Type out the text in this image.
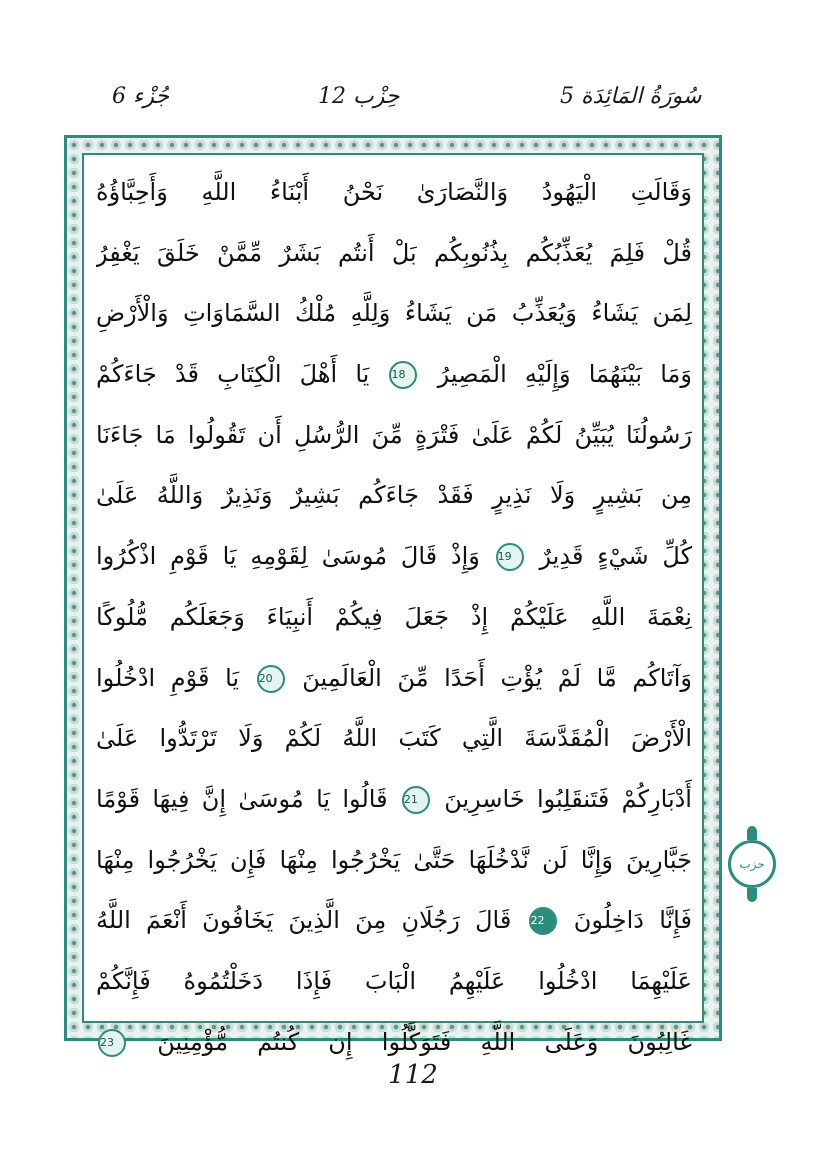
جُزْء 6	حِزْب 12	5 سُورَةُ المَائِدَة
وَقَالَتِ الْيَهُودُ وَالنَّصَارَىٰ نَحْنُ أَبْنَاءُ اللَّهِ وَأَحِبَّاؤُهُ
قُلْ فَلِمَ يُعَذِّبُكُم بِذُنُوبِكُم بَلْ أَنتُم بَشَرٌ مِّمَّنْ خَلَقَ يَغْفِرُ
لِمَن يَشَاءُ وَيُعَذِّبُ مَن يَشَاءُ وَلِلَّهِ مُلْكُ السَّمَاوَاتِ وَالْأَرْضِ
وَمَا بَيْنَهُمَا وَإِلَيْهِ الْمَصِيرُ 18 يَا أَهْلَ الْكِتَابِ قَدْ جَاءَكُمْ
رَسُولُنَا يُبَيِّنُ لَكُمْ عَلَىٰ فَتْرَةٍ مِّنَ الرُّسُلِ أَن تَقُولُوا مَا جَاءَنَا
مِن بَشِيرٍ وَلَا نَذِيرٍ فَقَدْ جَاءَكُم بَشِيرٌ وَنَذِيرٌ وَاللَّهُ عَلَىٰ
كُلِّ شَيْءٍ قَدِيرٌ 19 وَإِذْ قَالَ مُوسَىٰ لِقَوْمِهِ يَا قَوْمِ اذْكُرُوا
نِعْمَةَ اللَّهِ عَلَيْكُمْ إِذْ جَعَلَ فِيكُمْ أَنبِيَاءَ وَجَعَلَكُم مُّلُوكًا
وَآتَاكُم مَّا لَمْ يُؤْتِ أَحَدًا مِّنَ الْعَالَمِينَ 20 يَا قَوْمِ ادْخُلُوا
الْأَرْضَ الْمُقَدَّسَةَ الَّتِي كَتَبَ اللَّهُ لَكُمْ وَلَا تَرْتَدُّوا عَلَىٰ
أَدْبَارِكُمْ فَتَنقَلِبُوا خَاسِرِينَ 21 قَالُوا يَا مُوسَىٰ إِنَّ فِيهَا قَوْمًا
جَبَّارِينَ وَإِنَّا لَن نَّدْخُلَهَا حَتَّىٰ يَخْرُجُوا مِنْهَا فَإِن يَخْرُجُوا مِنْهَا
فَإِنَّا دَاخِلُونَ 22 قَالَ رَجُلَانِ مِنَ الَّذِينَ يَخَافُونَ أَنْعَمَ اللَّهُ
عَلَيْهِمَا ادْخُلُوا عَلَيْهِمُ الْبَابَ فَإِذَا دَخَلْتُمُوهُ فَإِنَّكُمْ
غَالِبُونَ وَعَلَى اللَّهِ فَتَوَكَّلُوا إِن كُنتُم مُّؤْمِنِينَ 23
حزب
112
